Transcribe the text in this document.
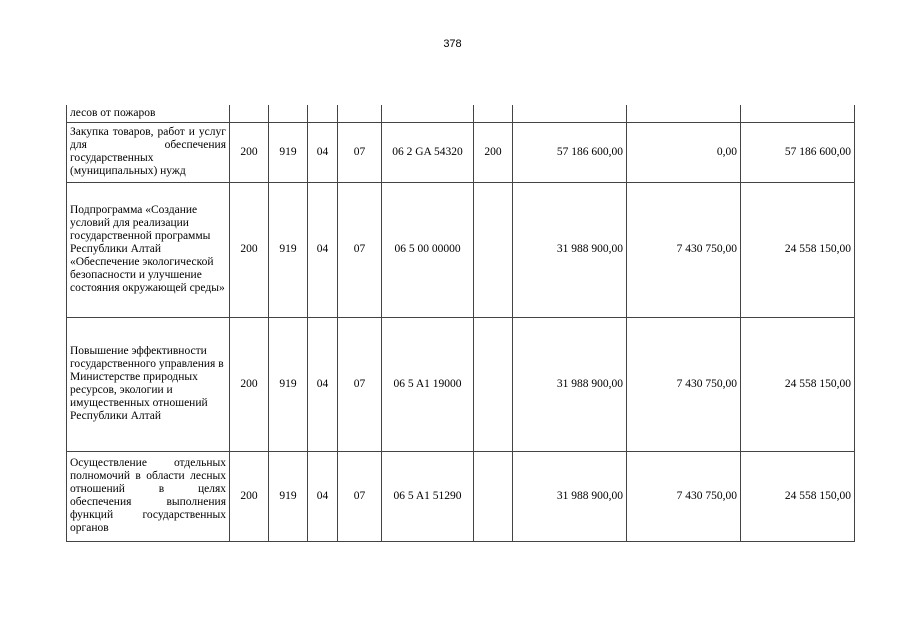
378
лесов от пожаров									
Закупка товаров, работ и услуг для обеспечения государственных (муниципальных) нужд	200	919	04	07	06 2 GA 54320	200	57 186 600,00	0,00	57 186 600,00
Подпрограмма «Создание условий для реализации государственной программы Республики Алтай «Обеспечение экологической безопасности и улучшение состояния окружающей среды»	200	919	04	07	06 5 00 00000		31 988 900,00	7 430 750,00	24 558 150,00
Повышение эффективности государственного управления в Министерстве природных ресурсов, экологии и имущественных отношений Республики Алтай	200	919	04	07	06 5 A1 19000		31 988 900,00	7 430 750,00	24 558 150,00
Осуществление отдельных полномочий в области лесных отношений в целях обеспечения выполнения функций государственных органов	200	919	04	07	06 5 A1 51290		31 988 900,00	7 430 750,00	24 558 150,00
